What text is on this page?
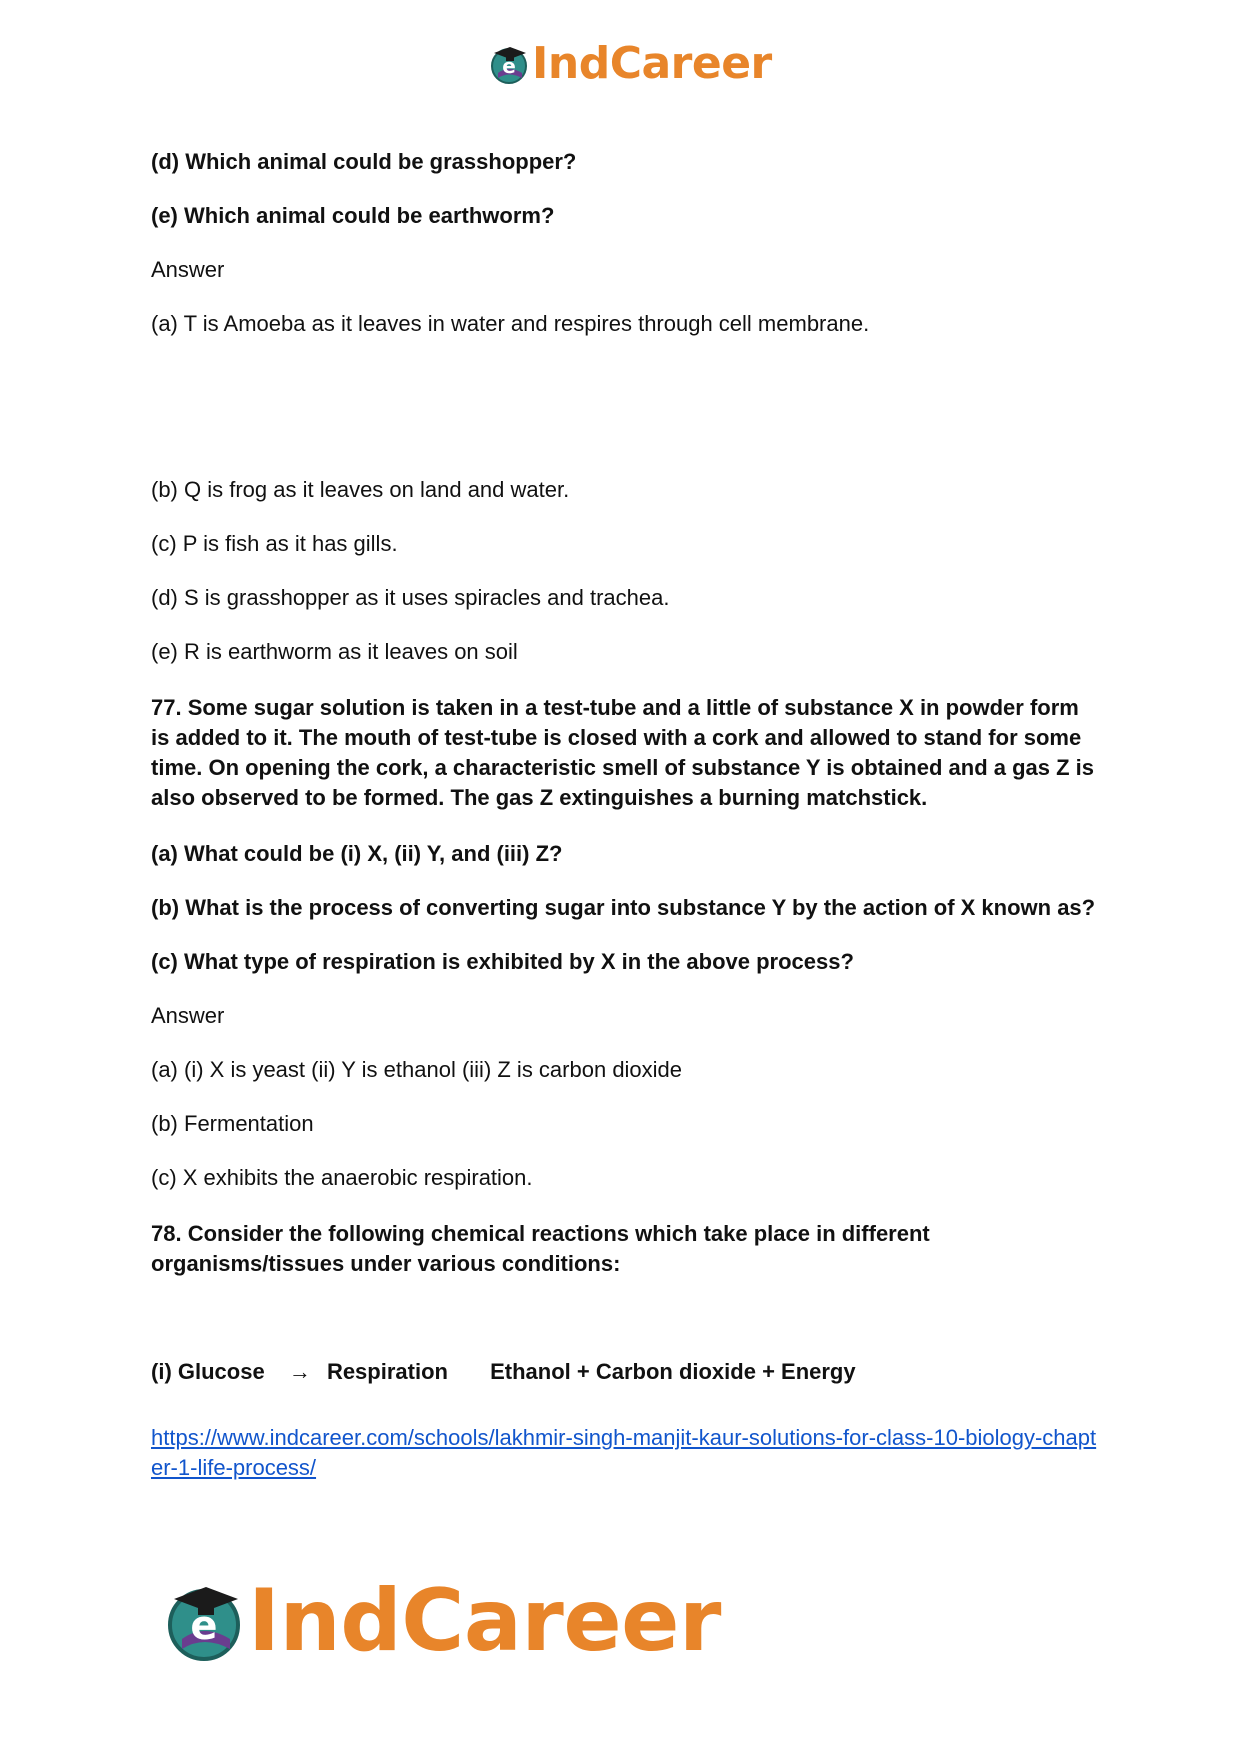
e IndCareer

(d) Which animal could be grasshopper?

(e) Which animal could be earthworm?

Answer

(a) T is Amoeba as it leaves in water and respires through cell membrane.

(b) Q is frog as it leaves on land and water.

(c) P is fish as it has gills.

(d) S is grasshopper as it uses spiracles and trachea.

(e) R is earthworm as it leaves on soil

77. Some sugar solution is taken in a test-tube and a little of substance X in powder form is added to it. The mouth of test-tube is closed with a cork and allowed to stand for some time. On opening the cork, a characteristic smell of substance Y is obtained and a gas Z is also observed to be formed. The gas Z extinguishes a burning matchstick.

(a) What could be (i) X, (ii) Y, and (iii) Z?

(b) What is the process of converting sugar into substance Y by the action of X known as?

(c) What type of respiration is exhibited by X in the above process?

Answer

(a) (i) X is yeast (ii) Y is ethanol (iii) Z is carbon dioxide

(b) Fermentation

(c) X exhibits the anaerobic respiration.

78. Consider the following chemical reactions which take place in different organisms/tissues under various conditions:

(i) Glucose → Respiration Ethanol + Carbon dioxide + Energy

https://www.indcareer.com/schools/lakhmir-singh-manjit-kaur-solutions-for-class-10-biology-chapter-1-life-process/

e IndCareer
